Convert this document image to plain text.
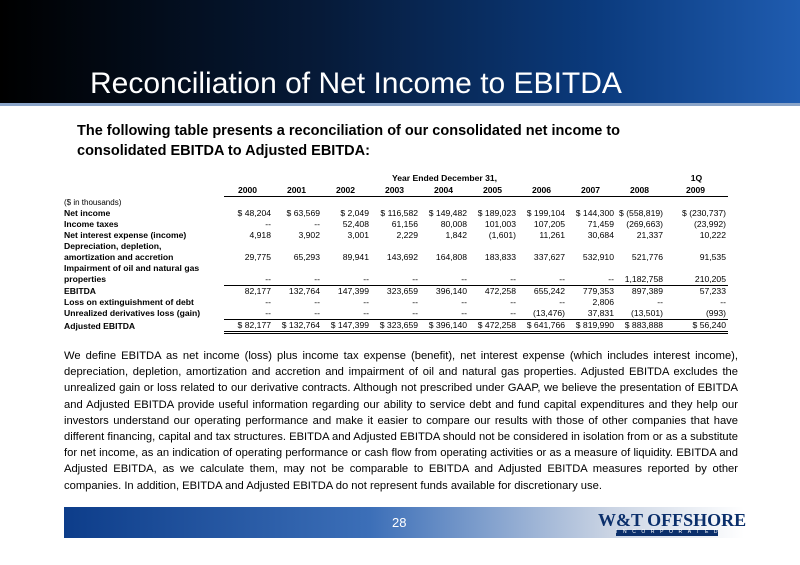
Reconciliation of Net Income to EBITDA
The following table presents a reconciliation of our consolidated net income to consolidated EBITDA to Adjusted EBITDA:
	Year Ended December 31,									1Q
	2000	2001	2002	2003	2004	2005	2006	2007	2008	2009
($ in thousands)										
Net income	$ 48,204	$ 63,569	$ 2,049	$ 116,582	$ 149,482	$ 189,023	$ 199,104	$ 144,300	$ (558,819)	$ (230,737)
Income taxes	--	--	52,408	61,156	80,008	101,003	107,205	71,459	(269,663)	(23,992)
Net interest expense (income)	4,918	3,902	3,001	2,229	1,842	(1,601)	11,261	30,684	21,337	10,222
Depreciation, depletion,										
amortization and accretion	29,775	65,293	89,941	143,692	164,808	183,833	337,627	532,910	521,776	91,535
Impairment of oil and natural gas										
properties	--	--	--	--	--	--	--	--	1,182,758	210,205
EBITDA	82,177	132,764	147,399	323,659	396,140	472,258	655,242	779,353	897,389	57,233
Loss on extinguishment of debt	--	--	--	--	--	--	--	2,806	--	--
Unrealized derivatives loss (gain)	--	--	--	--	--	--	(13,476)	37,831	(13,501)	(993)
Adjusted EBITDA	$ 82,177	$ 132,764	$ 147,399	$ 323,659	$ 396,140	$ 472,258	$ 641,766	$ 819,990	$ 883,888	$ 56,240
We define EBITDA as net income (loss) plus income tax expense (benefit), net interest expense (which includes interest income), depreciation, depletion, amortization and accretion and impairment of oil and natural gas properties. Adjusted EBITDA excludes the unrealized gain or loss related to our derivative contracts. Although not prescribed under GAAP, we believe the presentation of EBITDA and Adjusted EBITDA provide useful information regarding our ability to service debt and fund capital expenditures and they help our investors understand our operating performance and make it easier to compare our results with those of other companies that have different financing, capital and tax structures. EBITDA and Adjusted EBITDA should not be considered in isolation from or as a substitute for net income, as an indication of operating performance or cash flow from operating activities or as a measure of liquidity. EBITDA and Adjusted EBITDA, as we calculate them, may not be comparable to EBITDA and Adjusted EBITDA measures reported by other companies. In addition, EBITDA and Adjusted EBITDA do not represent funds available for discretionary use.
28	W&T OFFSHORE
INCORPORATED
